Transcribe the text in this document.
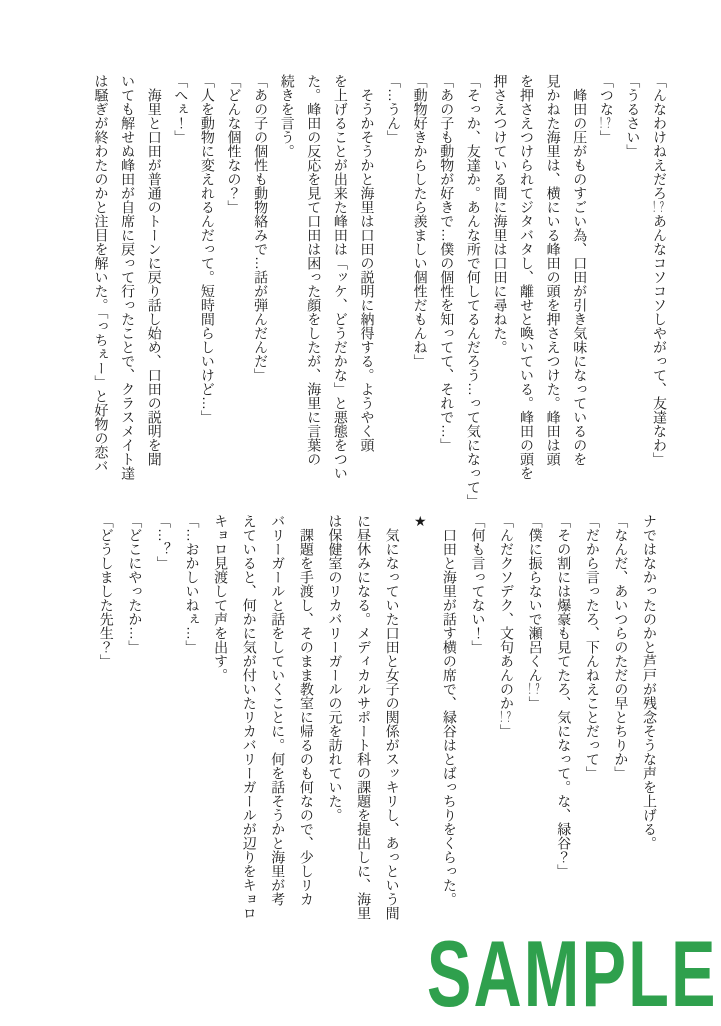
「んなわけねえだろ！？あんなコソコソしやがって、友達なわ」

「うるさい」

「つな！？」

峰田の圧がものすごい為、口田が引き気味になっているのを

見かねた海里は、横にいる峰田の頭を押さえつけた。峰田は頭

を押さえつけられてジタバタし、離せと喚いている。峰田の頭を

押さえつけている間に海里は口田に尋ねた。

「そっか、友達か。あんな所で何してるんだろう…って気になって」

「あの子も動物が好きで…僕の個性を知ってて、それで…」

「動物好きからしたら羨ましい個性だもんね」

「…うん」

そうかそうかと海里は口田の説明に納得する。ようやく頭

を上げることが出来た峰田は「ッケ、どうだかな」と悪態をつい

た。峰田の反応を見て口田は困った顔をしたが、海里に言葉の

続きを言う。

「あの子の個性も動物絡みで…話が弾んだんだ」

「どんな個性なの？」

「人を動物に変えれるんだって。短時間らしいけど…」

「へぇ！」

海里と口田が普通のトーンに戻り話し始め、口田の説明を聞

いても解せぬ峰田が自席に戻って行ったことで、クラスメイト達

は騒ぎが終わたのかと注目を解いた。「っちぇー」と好物の恋バ

ナではなかったのかと芦戸が残念そうな声を上げる。

「なんだ、あいつらのただの早とちりか」

「だから言ったろ、下んねえことだって」

「その割には爆豪も見てたろ、気になって。な、緑谷？」

「僕に振らないで瀬呂くん！？」

「んだクソデク、文句あんのか！？」

「何も言ってない！」

口田と海里が話す横の席で、緑谷はとばっちりをくらった。

★

気になっていた口田と女子の関係がスッキリし、あっという間

に昼休みになる。メディカルサポート科の課題を提出しに、海里

は保健室のリカバリーガールの元を訪れていた。

課題を手渡し、そのまま教室に帰るのも何なので、少しリカ

バリーガールと話をしていくことに。何を話そうかと海里が考

えていると、何かに気が付いたリカバリーガールが辺りをキョロ

キョロ見渡して声を出す。

「…おかしいねぇ…」

「…？」

「どこにやったか…」

「どうしました先生？」

SAMPLE
